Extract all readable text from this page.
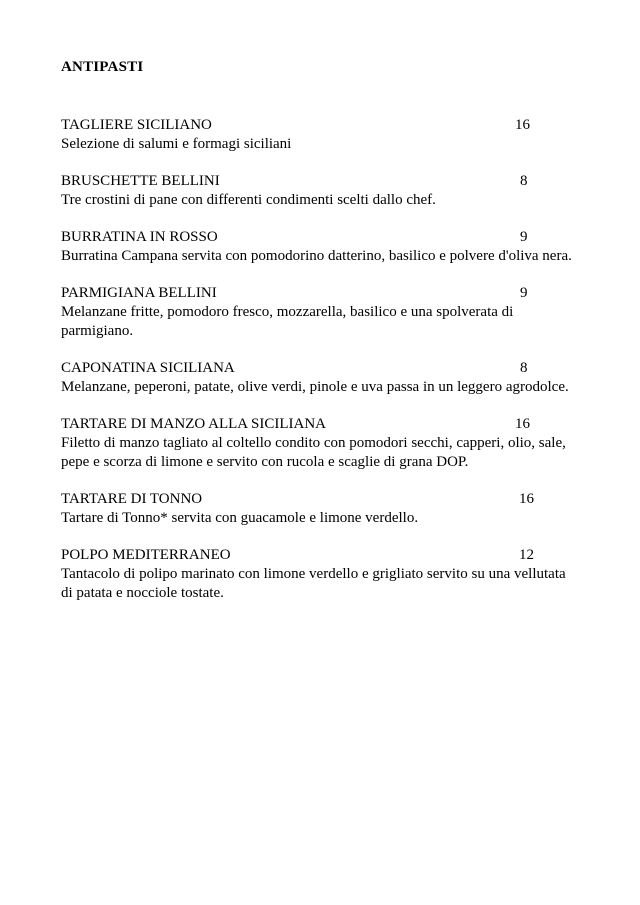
ANTIPASTI
TAGLIERE SICILIANO	16
Selezione di salumi e formagi siciliani
BRUSCHETTE BELLINI	8
Tre crostini di pane con differenti condimenti scelti dallo chef.
BURRATINA IN ROSSO	9
Burratina Campana servita con pomodorino datterino, basilico e polvere d'oliva nera.
PARMIGIANA BELLINI	9
Melanzane fritte, pomodoro fresco, mozzarella, basilico e una spolverata di parmigiano.
CAPONATINA SICILIANA	8
Melanzane, peperoni, patate, olive verdi, pinole e uva passa in un leggero agrodolce.
TARTARE DI MANZO ALLA SICILIANA	16
Filetto di manzo tagliato al coltello condito con pomodori secchi, capperi, olio, sale, pepe e scorza di limone e servito con rucola e scaglie di grana DOP.
TARTARE DI TONNO	16
Tartare di Tonno* servita con guacamole e limone verdello.
POLPO MEDITERRANEO	12
Tantacolo di polipo marinato con limone verdello e grigliato servito su una vellutata di patata e nocciole tostate.
